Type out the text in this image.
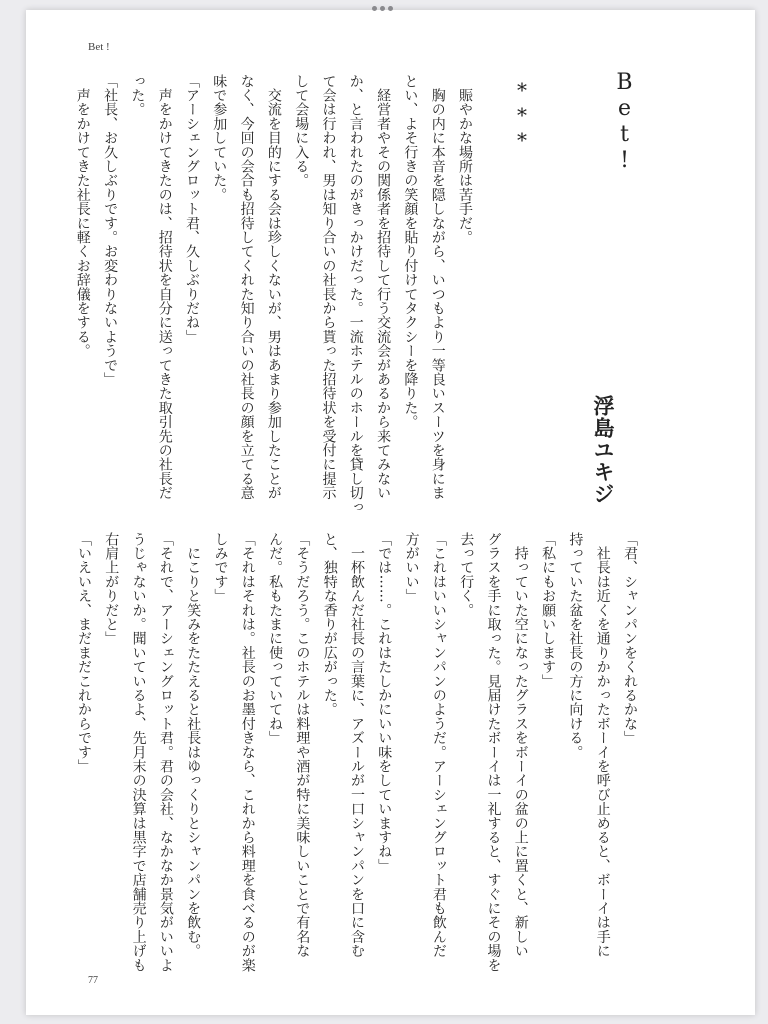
Bet !
Bet!
浮島ユキジ
***
　賑やかな場所は苦手だ。
　胸の内に本音を隠しながら、いつもより一等良いスーツを身にま
とい、よそ行きの笑顔を貼り付けてタクシーを降りた。
　経営者やその関係者を招待して行う交流会があるから来てみない
か、と言われたのがきっかけだった。一流ホテルのホールを貸し切っ
て会は行われ、男は知り合いの社長から貰った招待状を受付に提示
して会場に入る。
　交流を目的にする会は珍しくないが、男はあまり参加したことが
なく、今回の会合も招待してくれた知り合いの社長の顔を立てる意
味で参加していた。
「アーシェングロット君、久しぶりだね」
　声をかけてきたのは、招待状を自分に送ってきた取引先の社長だ
った。
「社長、お久しぶりです。お変わりないようで」
　声をかけてきた社長に軽くお辞儀をする。
「君、シャンパンをくれるかな」
　社長は近くを通りかかったボーイを呼び止めると、ボーイは手に
持っていた盆を社長の方に向ける。
「私にもお願いします」
　持っていた空になったグラスをボーイの盆の上に置くと、新しい
グラスを手に取った。見届けたボーイは一礼すると、すぐにその場を
去って行く。
「これはいいシャンパンのようだ。アーシェングロット君も飲んだ
方がいい」
「では……。これはたしかにいい味をしていますね」
　一杯飲んだ社長の言葉に、アズールが一口シャンパンを口に含む
と、独特な香りが広がった。
「そうだろう。このホテルは料理や酒が特に美味しいことで有名な
んだ。私もたまに使っていてね」
「それはそれは。社長のお墨付きなら、これから料理を食べるのが楽
しみです」
　にこりと笑みをたたえると社長はゆっくりとシャンパンを飲む。
「それで、アーシェングロット君。君の会社、なかなか景気がいいよ
うじゃないか。聞いているよ、先月末の決算は黒字で店舗売り上げも
右肩上がりだと」
「いえいえ、まだまだこれからです」
77
